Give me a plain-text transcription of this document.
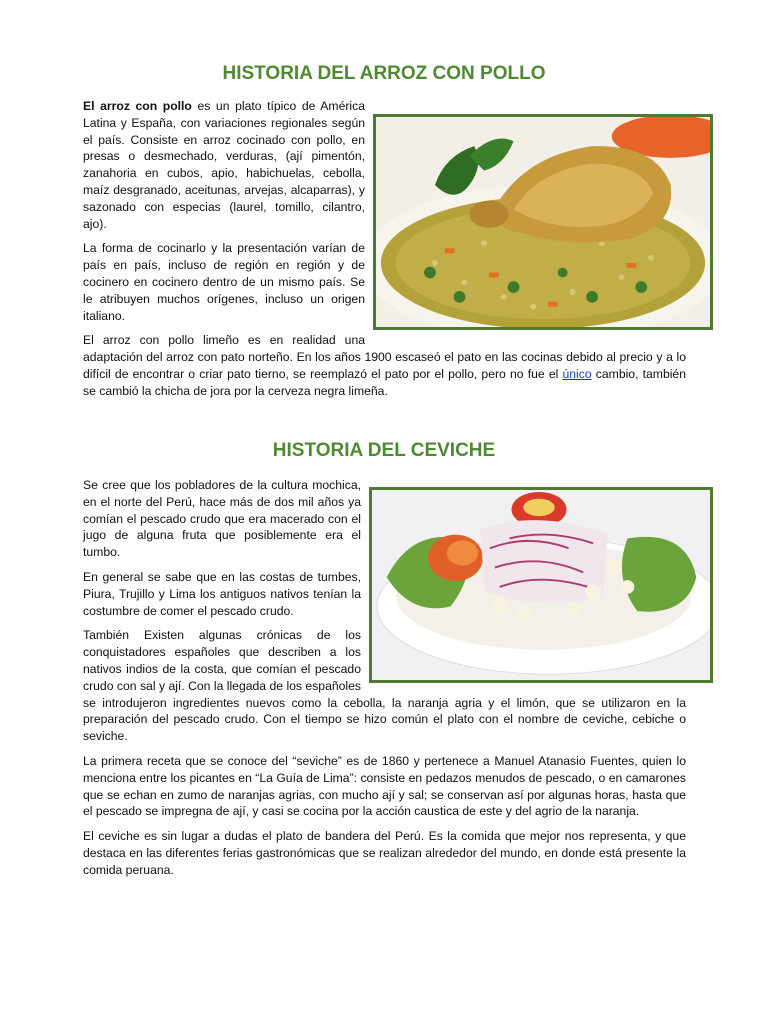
HISTORIA DEL ARROZ CON POLLO

El arroz con pollo es un plato típico de América Latina y España, con variaciones regionales según el país. Consiste en arroz cocinado con pollo, en presas o desmechado, verduras, (ají pimentón, zanahoria en cubos, apio, habichuelas, cebolla, maíz desgranado, aceitunas, arvejas, alcaparras), y sazonado con especias (laurel, tomillo, cilantro, ajo).

La forma de cocinarlo y la presentación varían de país en país, incluso de región en región y de cocinero en cocinero dentro de un mismo país. Se le atribuyen muchos orígenes, incluso un origen italiano.

El arroz con pollo limeño es en realidad una adaptación del arroz con pato norteño. En los años 1900 escaseó el pato en las cocinas debido al precio y a lo difícil de encontrar o criar pato tierno, se reemplazó el pato por el pollo, pero no fue el único cambio, también se cambió la chicha de jora por la cerveza negra limeña.

HISTORIA DEL CEVICHE

Se cree que los pobladores de la cultura mochica, en el norte del Perú, hace más de dos mil años ya comían el pescado crudo que era macerado con el jugo de alguna fruta que posiblemente era el tumbo.

En general se sabe que en las costas de tumbes, Piura, Trujillo y Lima los antiguos nativos tenían la costumbre de comer el pescado crudo.

También Existen algunas crónicas de los conquistadores españoles que describen a los nativos indios de la costa, que comían el pescado crudo con sal y ají. Con la llegada de los españoles se introdujeron ingredientes nuevos como la cebolla, la naranja agria y el limón, que se utilizaron en la preparación del pescado crudo. Con el tiempo se hizo común el plato con el nombre de ceviche, cebiche o seviche.

La primera receta que se conoce del “seviche” es de 1860 y pertenece a Manuel Atanasio Fuentes, quien lo menciona entre los picantes en “La Guía de Lima”: consiste en pedazos menudos de pescado, o en camarones que se echan en zumo de naranjas agrias, con mucho ají y sal; se conservan así por algunas horas, hasta que el pescado se impregna de ají, y casi se cocina por la acción caustica de este y del agrio de la naranja.

El ceviche es sin lugar a dudas el plato de bandera del Perú. Es la comida que mejor nos representa, y que destaca en las diferentes ferias gastronómicas que se realizan alrededor del mundo, en donde está presente la comida peruana.
